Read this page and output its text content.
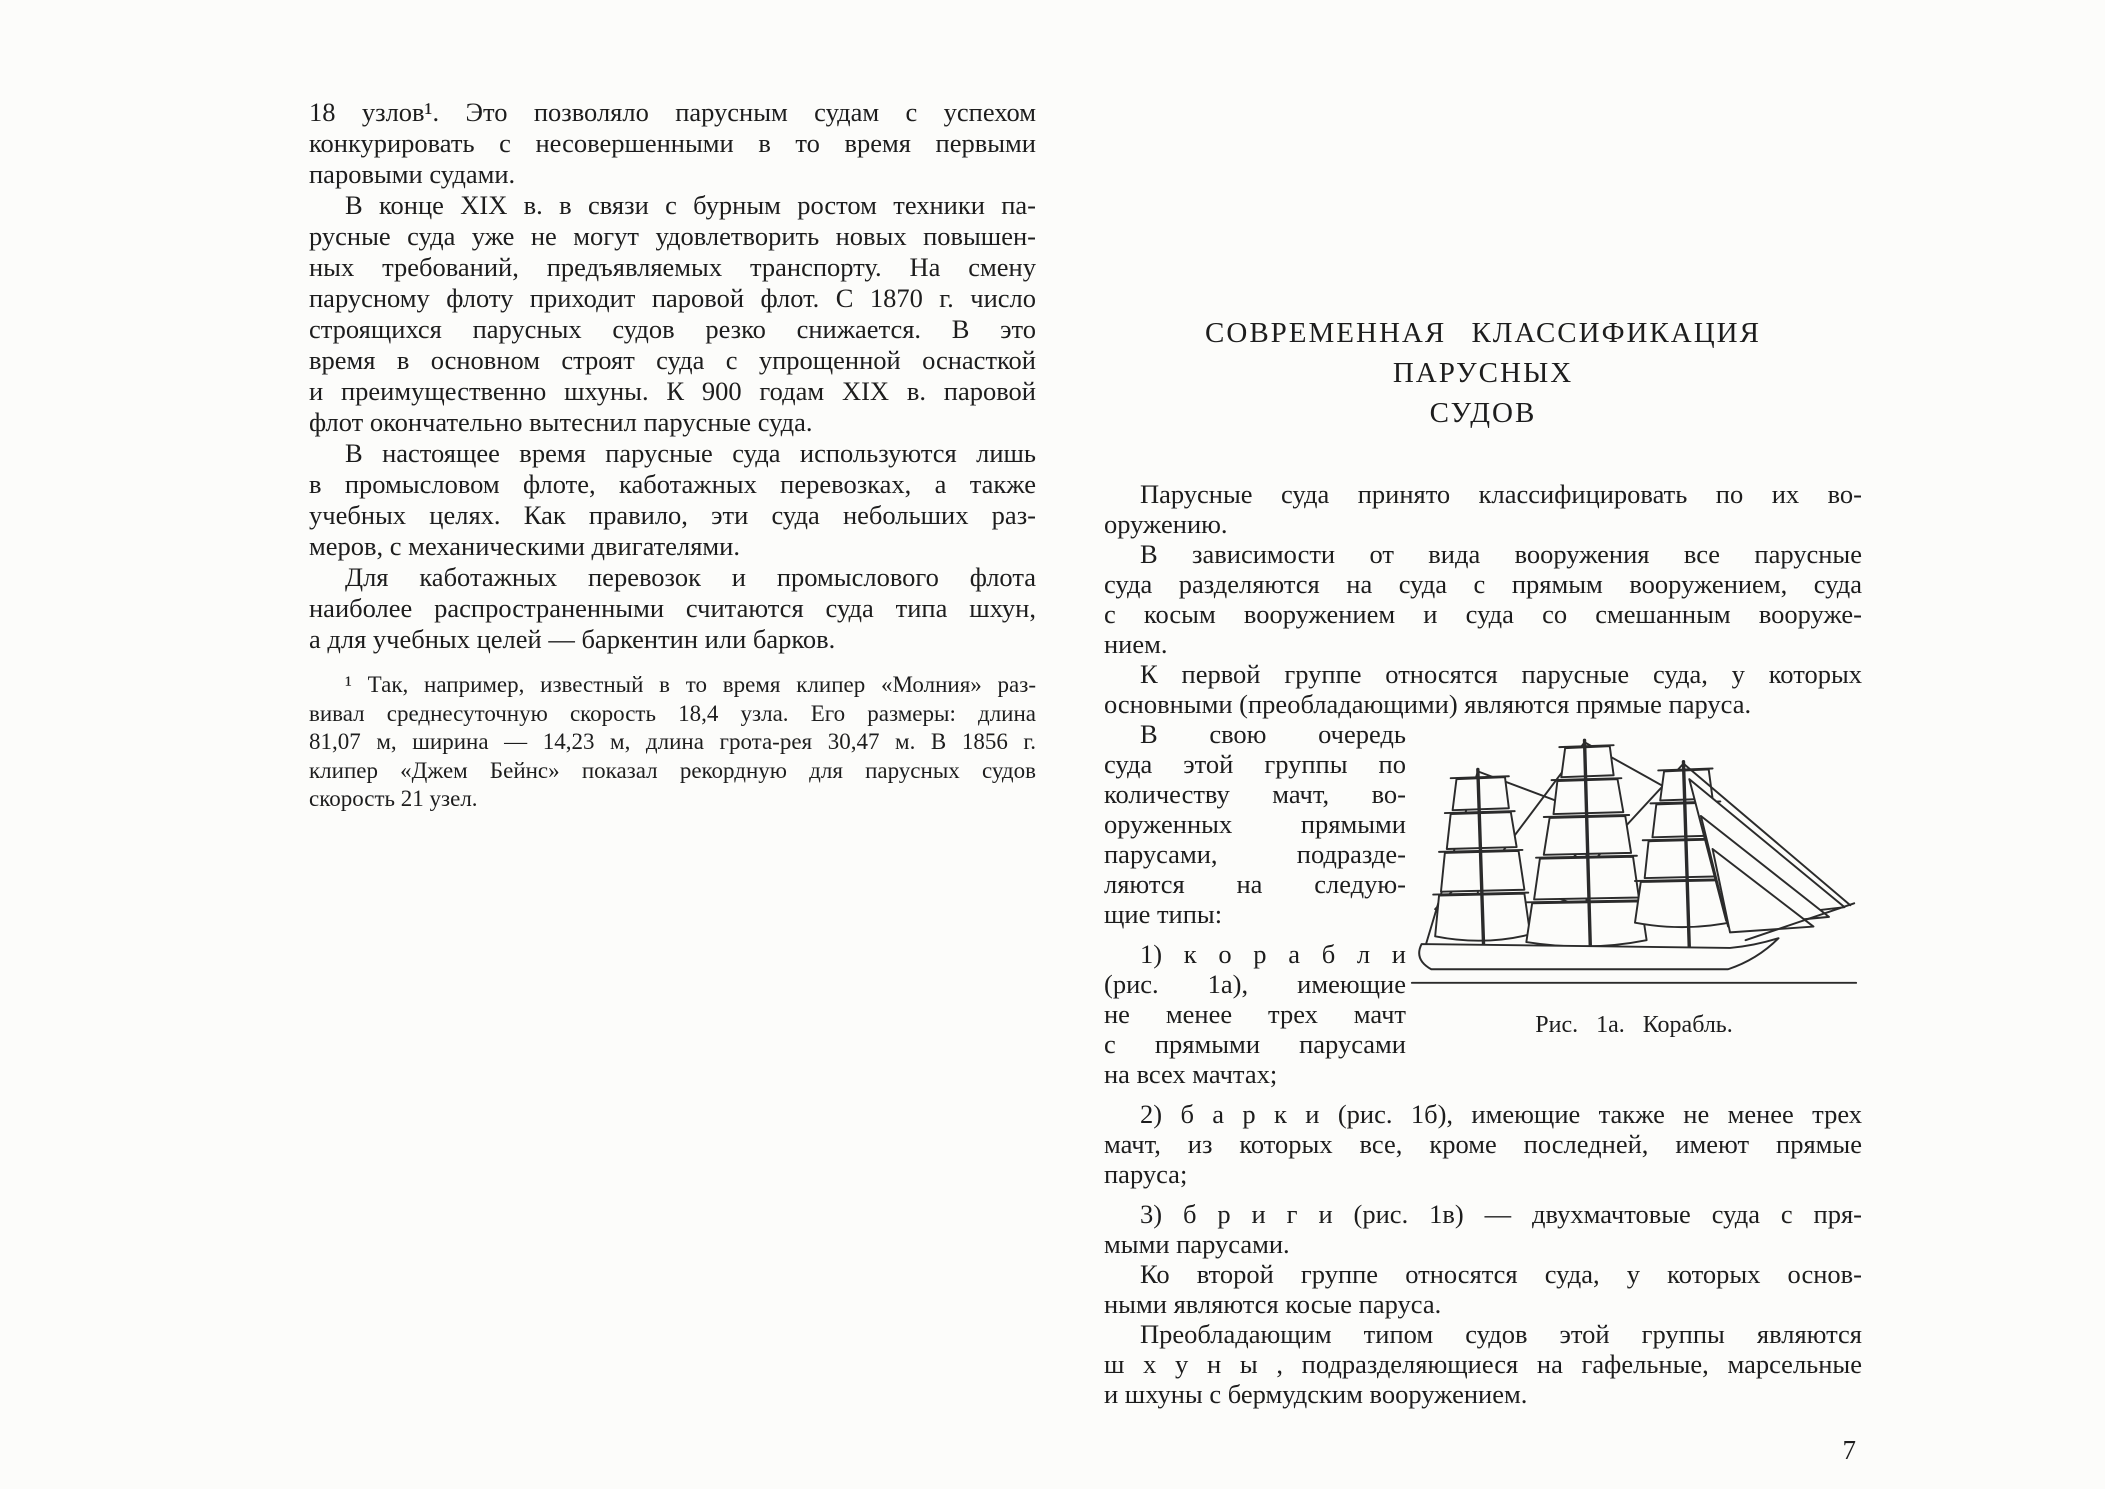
18 узлов¹. Это позволяло парусным судам с успехом
конкурировать с несовершенными в то время первыми
паровыми судами.

В конце XIX в. в связи с бурным ростом техники па-
русные суда уже не могут удовлетворить новых повышен-
ных требований, предъявляемых транспорту. На смену
парусному флоту приходит паровой флот. С 1870 г. число
строящихся парусных судов резко снижается. В это
время в основном строят суда с упрощенной оснасткой
и преимущественно шхуны. К 900 годам XIX в. паровой
флот окончательно вытеснил парусные суда.

В настоящее время парусные суда используются лишь
в промысловом флоте, каботажных перевозках, а также
учебных целях. Как правило, эти суда небольших раз-
меров, с механическими двигателями.

Для каботажных перевозок и промыслового флота
наиболее распространенными считаются суда типа шхун,
а для учебных целей — баркентин или барков.

¹ Так, например, известный в то время клипер «Молния» раз-
вивал среднесуточную скорость 18,4 узла. Его размеры: длина
81,07 м, ширина — 14,23 м, длина грота-рея 30,47 м. В 1856 г.
клипер «Джем Бейнс» показал рекордную для парусных судов
скорость 21 узел.

СОВРЕМЕННАЯ КЛАССИФИКАЦИЯ ПАРУСНЫХ
СУДОВ

Парусные суда принято классифицировать по их во-
оружению.

В зависимости от вида вооружения все парусные
суда разделяются на суда с прямым вооружением, суда
с косым вооружением и суда со смешанным вооруже-
нием.

К первой группе относятся парусные суда, у которых
основными (преобладающими) являются прямые паруса.

В свою очередь
суда этой группы по
количеству мачт, во-
оруженных прямыми
парусами, подразде-
ляются на следую-
щие типы:

1) к о р а б л и
(рис. 1а), имеющие
не менее трех мачт
с прямыми парусами
на всех мачтах;

Рис. 1а. Корабль.

2) б а р к и (рис. 1б), имеющие также не менее трех
мачт, из которых все, кроме последней, имеют прямые
паруса;

3) б р и г и (рис. 1в) — двухмачтовые суда с пря-
мыми парусами.

Ко второй группе относятся суда, у которых основ-
ными являются косые паруса.

Преобладающим типом судов этой группы являются
ш х у н ы , подразделяющиеся на гафельные, марсельные
и шхуны с бермудским вооружением.

7
